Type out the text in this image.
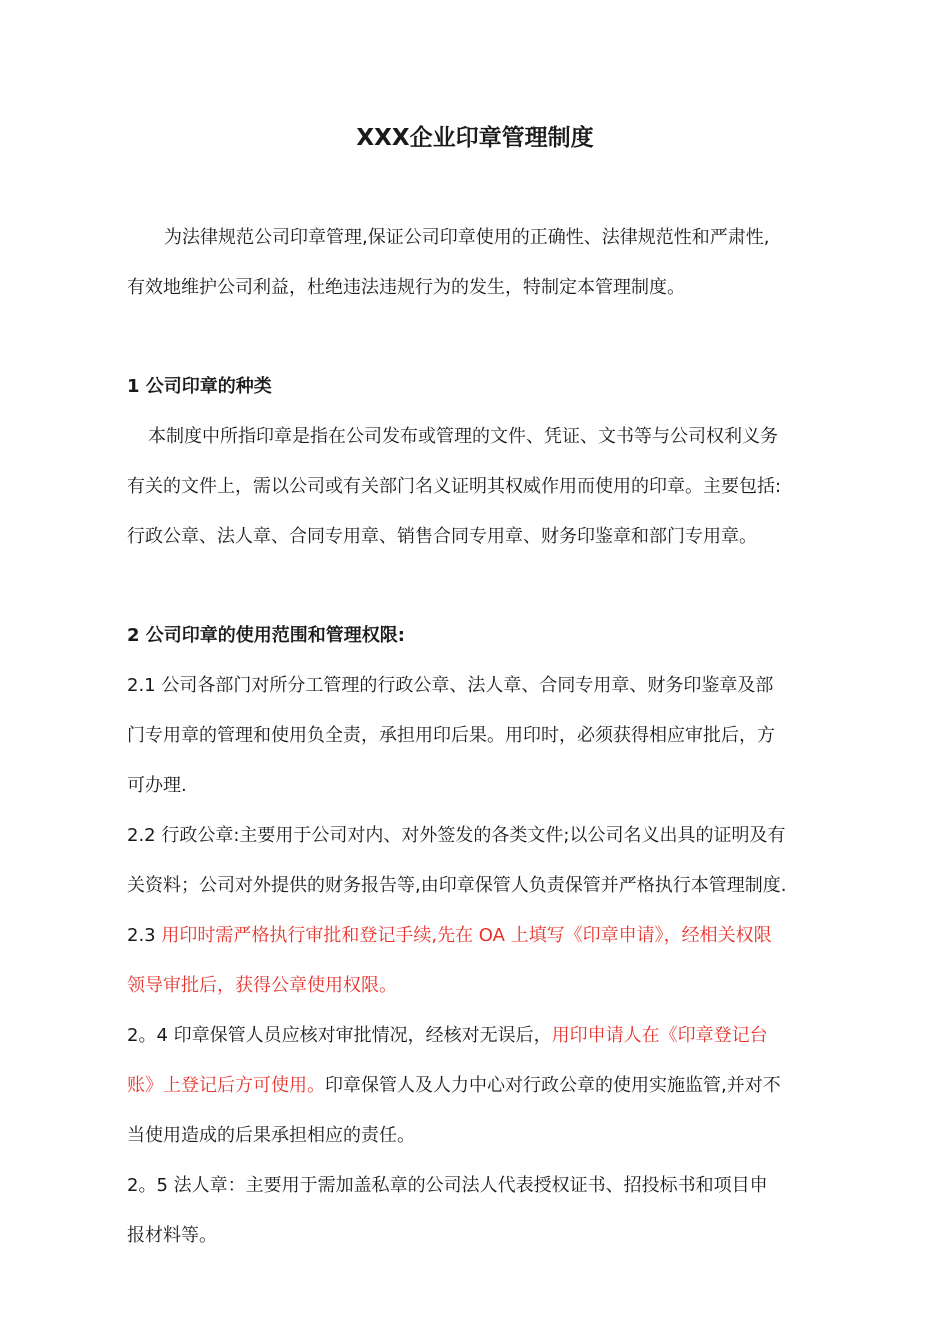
XXX企业印章管理制度
为法律规范公司印章管理,保证公司印章使用的正确性、法律规范性和严肃性,
有效地维护公司利益，杜绝违法违规行为的发生，特制定本管理制度。
1 公司印章的种类
本制度中所指印章是指在公司发布或管理的文件、凭证、文书等与公司权利义务
有关的文件上，需以公司或有关部门名义证明其权威作用而使用的印章。主要包括:
行政公章、法人章、合同专用章、销售合同专用章、财务印鉴章和部门专用章。
2 公司印章的使用范围和管理权限:
2.1 公司各部门对所分工管理的行政公章、法人章、合同专用章、财务印鉴章及部
门专用章的管理和使用负全责，承担用印后果。用印时，必须获得相应审批后，方
可办理.
2.2 行政公章:主要用于公司对内、对外签发的各类文件;以公司名义出具的证明及有
关资料；公司对外提供的财务报告等,由印章保管人负责保管并严格执行本管理制度.
2.3 用印时需严格执行审批和登记手续,先在 OA 上填写《印章申请》，经相关权限
领导审批后，获得公章使用权限。
2。4 印章保管人员应核对审批情况，经核对无误后，用印申请人在《印章登记台
账》上登记后方可使用。印章保管人及人力中心对行政公章的使用实施监管,并对不
当使用造成的后果承担相应的责任。
2。5 法人章：主要用于需加盖私章的公司法人代表授权证书、招投标书和项目申
报材料等。
